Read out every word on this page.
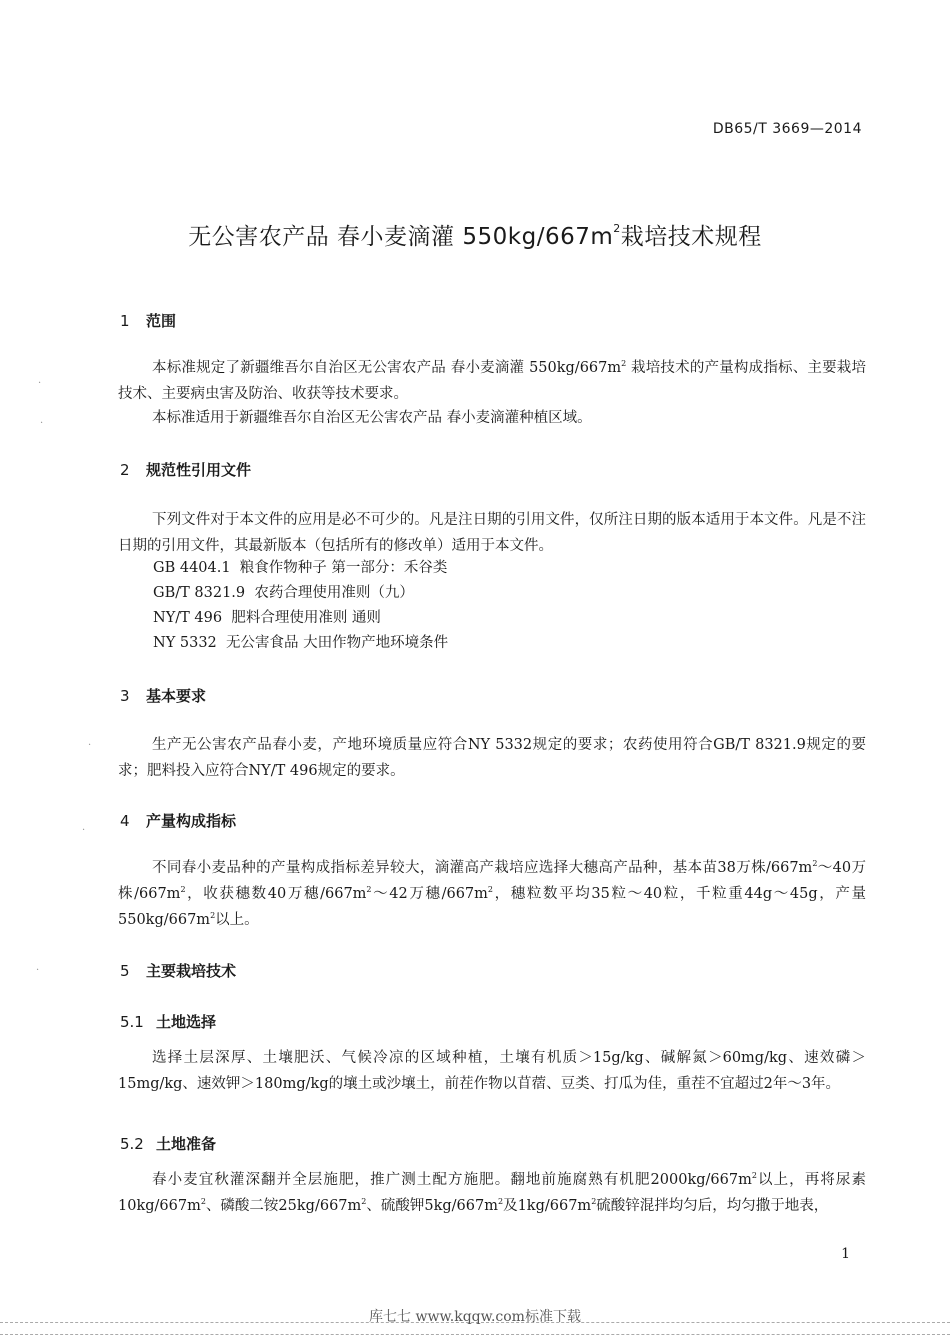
DB65/T 3669—2014
无公害农产品 春小麦滴灌 $550kg/667m^2$栽培技术规程
1 范围
本标准规定了新疆维吾尔自治区无公害农产品 春小麦滴灌 $550kg/667m^2$ 栽培技术的产量构成指标、主要栽培技术、主要病虫害及防治、收获等技术要求。
本标准适用于新疆维吾尔自治区无公害农产品 春小麦滴灌种植区域。
2 规范性引用文件
下列文件对于本文件的应用是必不可少的。凡是注日期的引用文件，仅所注日期的版本适用于本文件。凡是不注日期的引用文件，其最新版本（包括所有的修改单）适用于本文件。
GB 4404.1  粮食作物种子 第一部分：禾谷类
GB/T 8321.9  农药合理使用准则（九）
NY/T 496  肥料合理使用准则 通则
NY 5332  无公害食品 大田作物产地环境条件
3 基本要求
生产无公害农产品春小麦，产地环境质量应符合NY 5332规定的要求；农药使用符合GB/T 8321.9规定的要求；肥料投入应符合NY/T 496规定的要求。
4 产量构成指标
不同春小麦品种的产量构成指标差异较大，滴灌高产栽培应选择大穗高产品种，基本苗38万株$/667m^2\sim 40$万株$/667m^2$，收获穗数40万穗$/667m^2\sim 42$万穗$/667m^2$，穗粒数平均35粒～40粒，千粒重44g～45g，产量$550kg/667m^2$以上。
5 主要栽培技术
5.1 土地选择
选择土层深厚、土壤肥沃、气候冷凉的区域种植，土壤有机质＞15g/kg、碱解氮＞60mg/kg、速效磷＞15mg/kg、速效钾＞180mg/kg的壤土或沙壤土，前茬作物以苜蓿、豆类、打瓜为佳，重茬不宜超过2年～3年。
5.2 土地准备
春小麦宜秋灌深翻并全层施肥，推广测土配方施肥。翻地前施腐熟有机肥$2000kg/667m^2$以上，再将尿素$10kg/667m^2$、磷酸二铵$25kg/667m^2$、硫酸钾$5kg/667m^2$及$1kg/667m^2$硫酸锌混拌均匀后，均匀撒于地表，
1
·
·
·
·
·
库七七 www.kqqw.com标准下载
